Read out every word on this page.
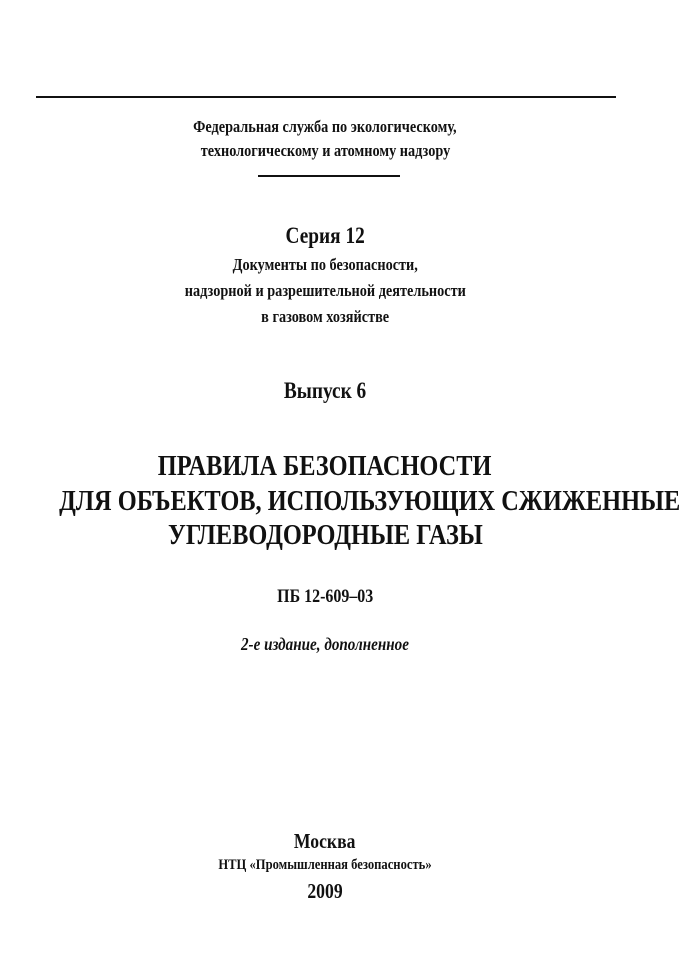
Федеральная служба по экологическому,
технологическому и атомному надзору
Серия 12
Документы по безопасности,
надзорной и разрешительной деятельности
в газовом хозяйстве
Выпуск 6
ПРАВИЛА БЕЗОПАСНОСТИ
ДЛЯ ОБЪЕКТОВ, ИСПОЛЬЗУЮЩИХ СЖИЖЕННЫЕ
УГЛЕВОДОРОДНЫЕ ГАЗЫ
ПБ 12-609–03
2-е издание, дополненное
Москва
НТЦ «Промышленная безопасность»
2009
